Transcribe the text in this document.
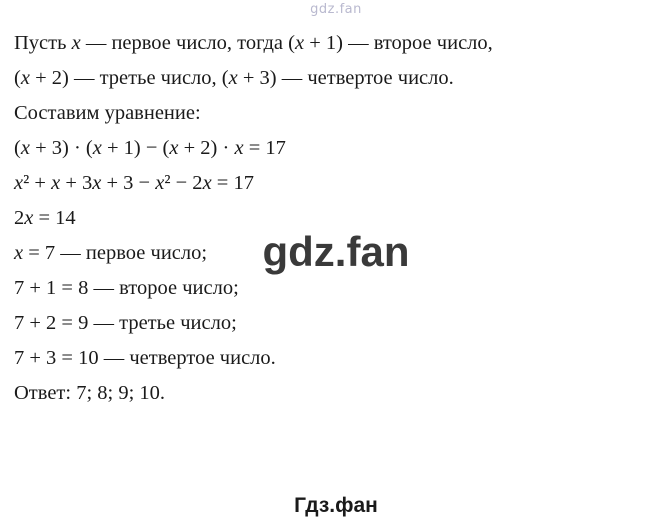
gdz.fan
gdz.fan
Гдз.фан
Пусть x — первое число, тогда (x + 1) — второе число,
(x + 2) — третье число, (x + 3) — четвертое число.
Составим уравнение:
(x + 3) · (x + 1) − (x + 2) · x = 17
x² + x + 3x + 3 − x² − 2x = 17
2x = 14
x = 7 — первое число;
7 + 1 = 8 — второе число;
7 + 2 = 9 — третье число;
7 + 3 = 10 — четвертое число.
Ответ: 7; 8; 9; 10.
